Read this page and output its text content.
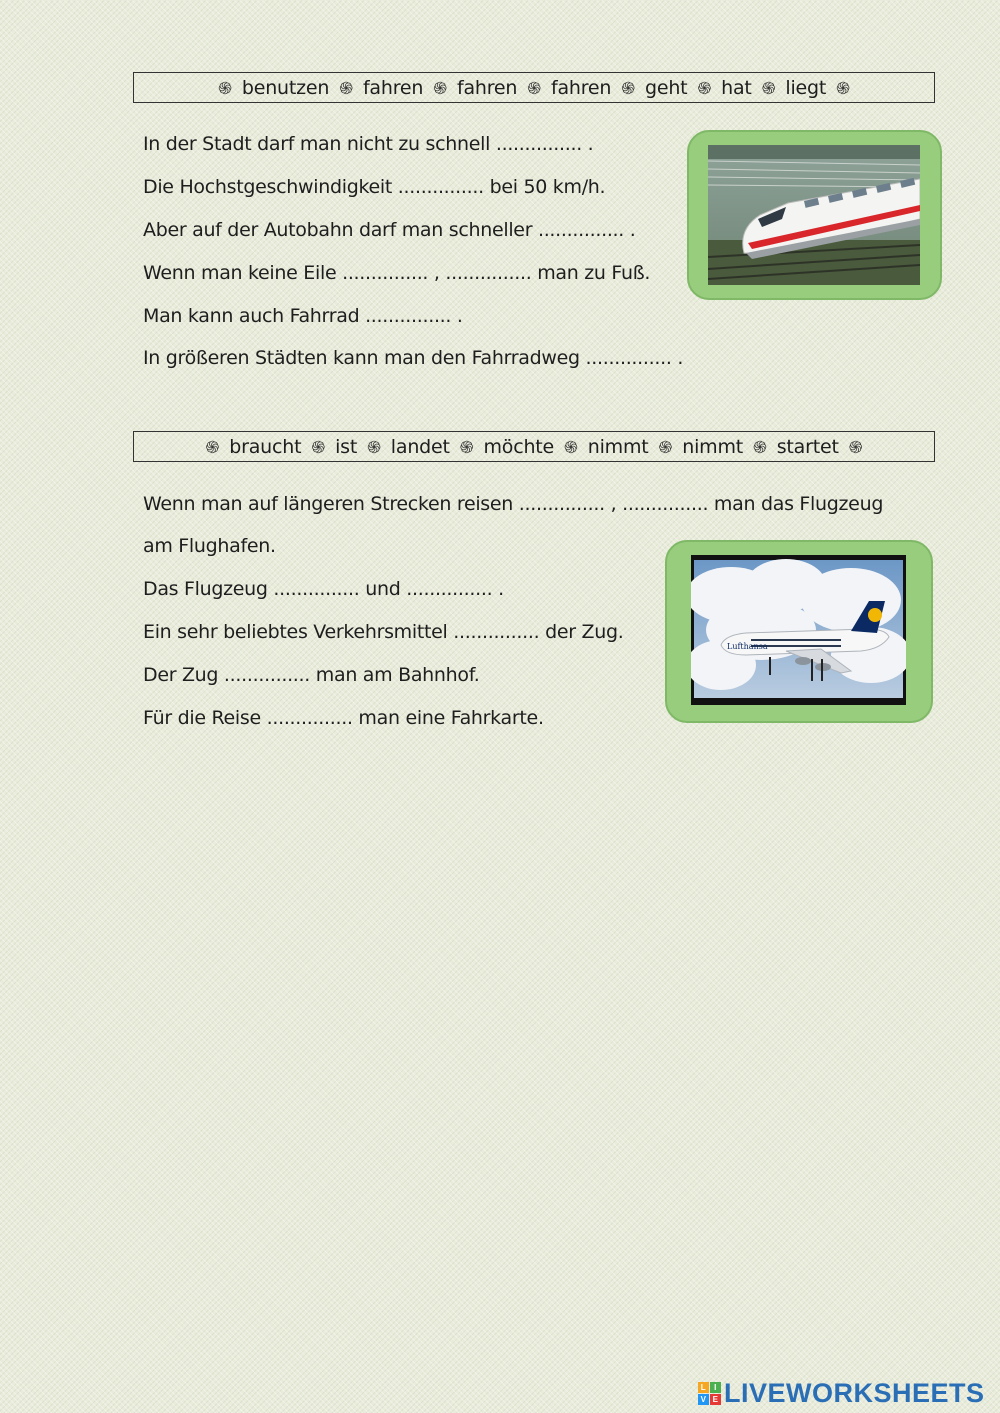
֍ benutzen ֍ fahren ֍ fahren ֍ fahren ֍ geht ֍ hat ֍ liegt ֍
In der Stadt darf man nicht zu schnell ............... .
Die Hochstgeschwindigkeit ............... bei 50 km/h.
Aber auf der Autobahn darf man schneller ............... .
Wenn man keine Eile ............... , ............... man zu Fuß.
Man kann auch Fahrrad ............... .
In größeren Städten kann man den Fahrradweg ............... .
֍ braucht ֍ ist ֍ landet ֍ möchte ֍ nimmt ֍ nimmt ֍ startet ֍
Wenn man auf längeren Strecken reisen ............... , ............... man das Flugzeug
am Flughafen.
Das Flugzeug ............... und ............... .
Ein sehr beliebtes Verkehrsmittel ............... der Zug.
Der Zug ............... man am Bahnhof.
Für die Reise ............... man eine Fahrkarte.
Lufthansa
L I
V E LIVEWORKSHEETS
